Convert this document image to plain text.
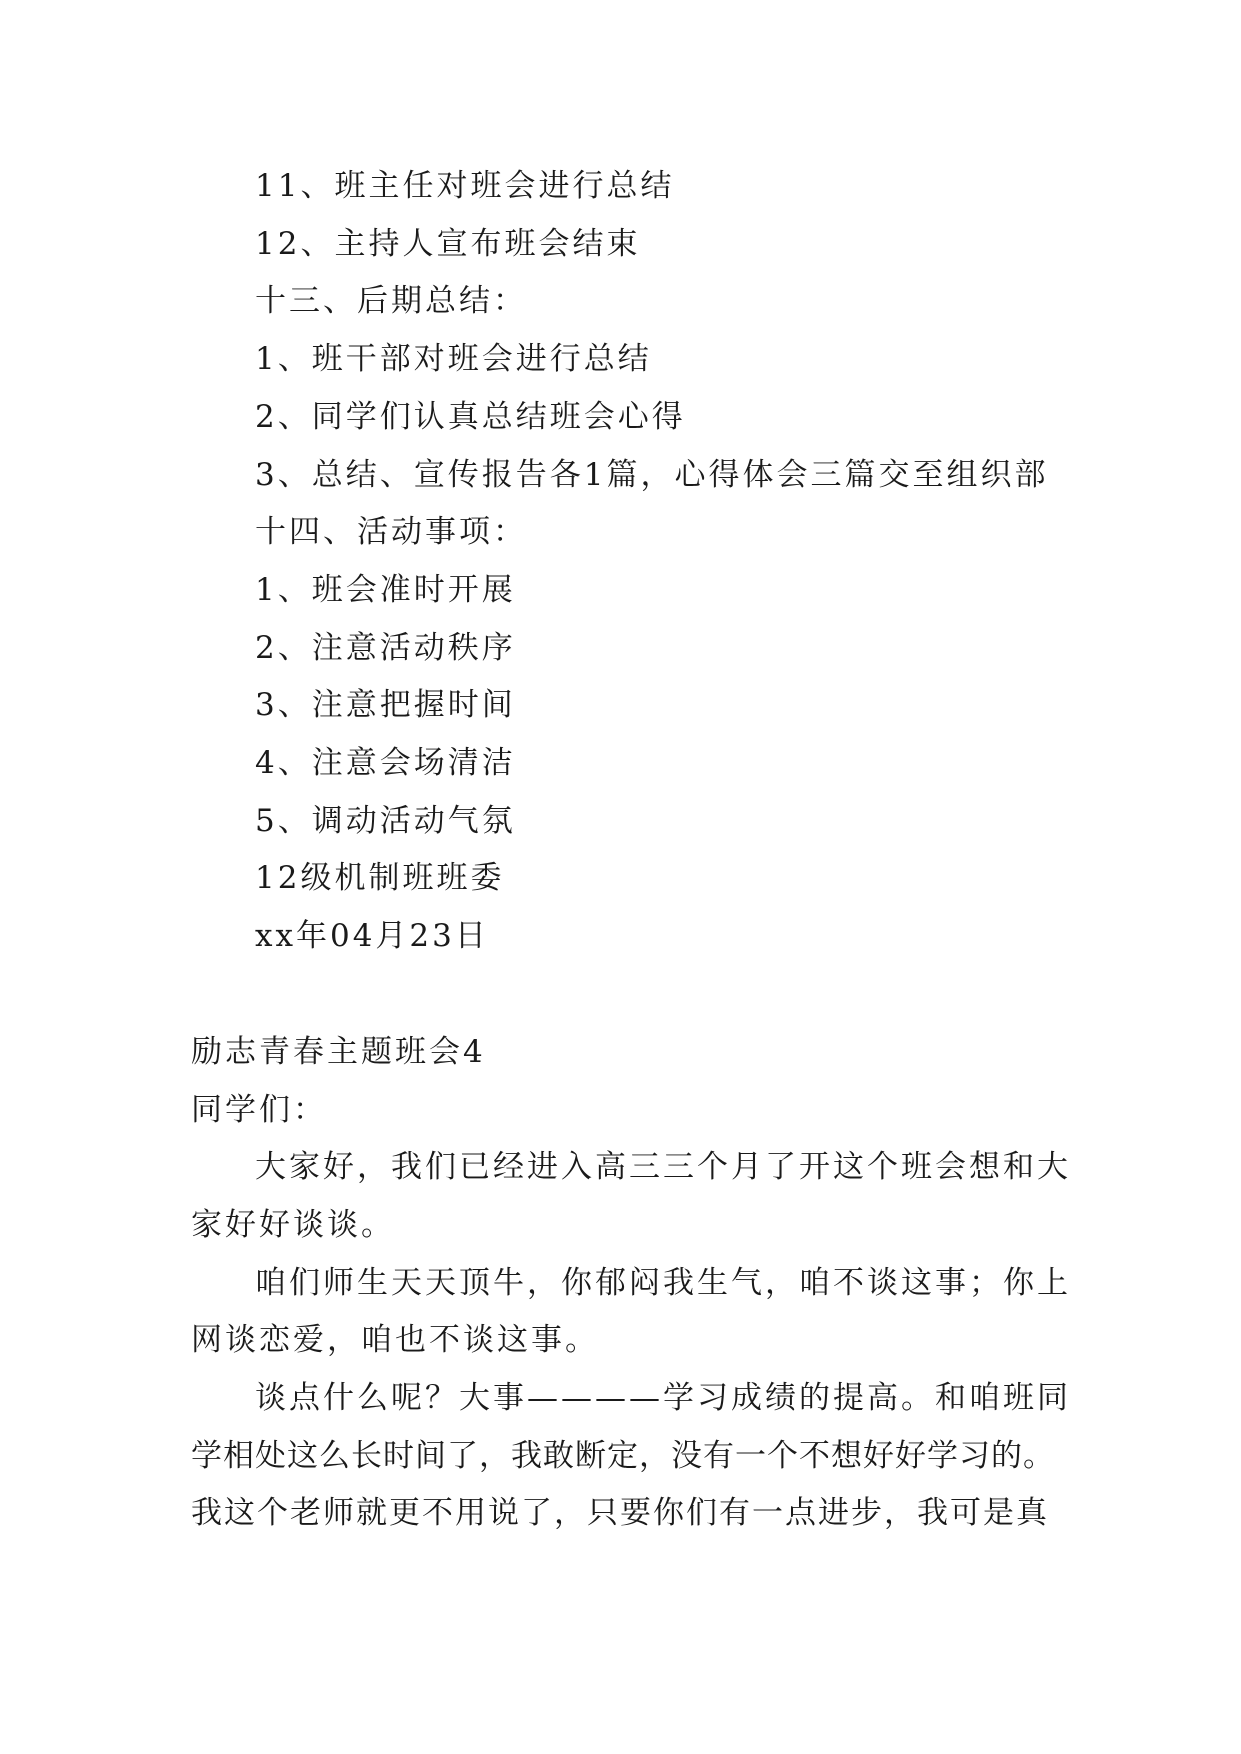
11、班主任对班会进行总结
12、主持人宣布班会结束
十三、后期总结：
1、班干部对班会进行总结
2、同学们认真总结班会心得
3、总结、宣传报告各1篇，心得体会三篇交至组织部
十四、活动事项：
1、班会准时开展
2、注意活动秩序
3、注意把握时间
4、注意会场清洁
5、调动活动气氛
12级机制班班委
xx年04月23日
励志青春主题班会4
同学们：
大家好，我们已经进入高三三个月了开这个班会想和大
家好好谈谈。
咱们师生天天顶牛，你郁闷我生气，咱不谈这事；你上
网谈恋爱，咱也不谈这事。
谈点什么呢？大事————学习成绩的提高。和咱班同
学相处这么长时间了，我敢断定，没有一个不想好好学习的。
我这个老师就更不用说了，只要你们有一点进步，我可是真
